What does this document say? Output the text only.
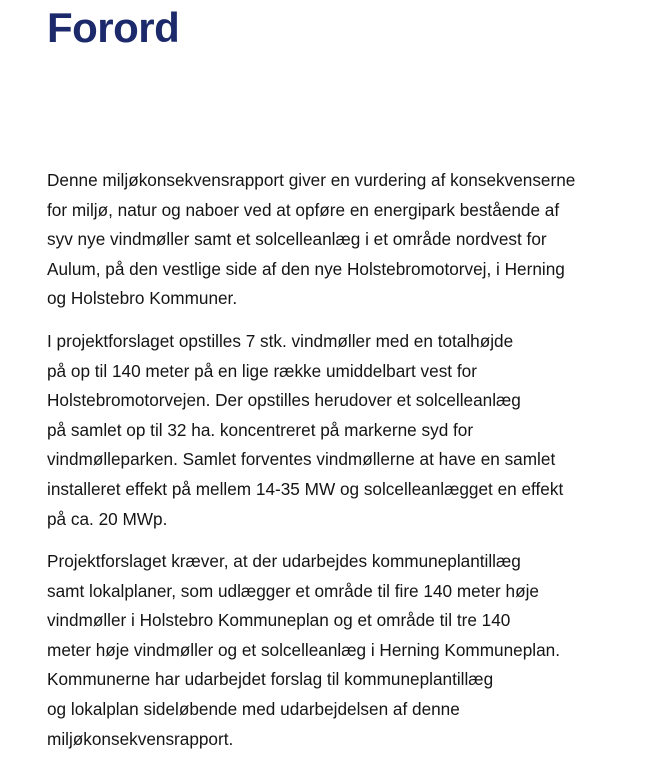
Forord

Denne miljøkonsekvensrapport giver en vurdering af konsekvenserne
for miljø, natur og naboer ved at opføre en energipark bestående af
syv nye vindmøller samt et solcelleanlæg i et område nordvest for
Aulum, på den vestlige side af den nye Holstebromotorvej, i Herning
og Holstebro Kommuner.

I projektforslaget opstilles 7 stk. vindmøller med en totalhøjde
på op til 140 meter på en lige række umiddelbart vest for
Holstebromotorvejen. Der opstilles herudover et solcelleanlæg
på samlet op til 32 ha. koncentreret på markerne syd for
vindmølleparken. Samlet forventes vindmøllerne at have en samlet
installeret effekt på mellem 14-35 MW og solcelleanlægget en effekt
på ca. 20 MWp.

Projektforslaget kræver, at der udarbejdes kommuneplantillæg
samt lokalplaner, som udlægger et område til fire 140 meter høje
vindmøller i Holstebro Kommuneplan og et område til tre 140
meter høje vindmøller og et solcelleanlæg i Herning Kommuneplan.
Kommunerne har udarbejdet forslag til kommuneplantillæg
og lokalplan sideløbende med udarbejdelsen af denne
miljøkonsekvensrapport.
